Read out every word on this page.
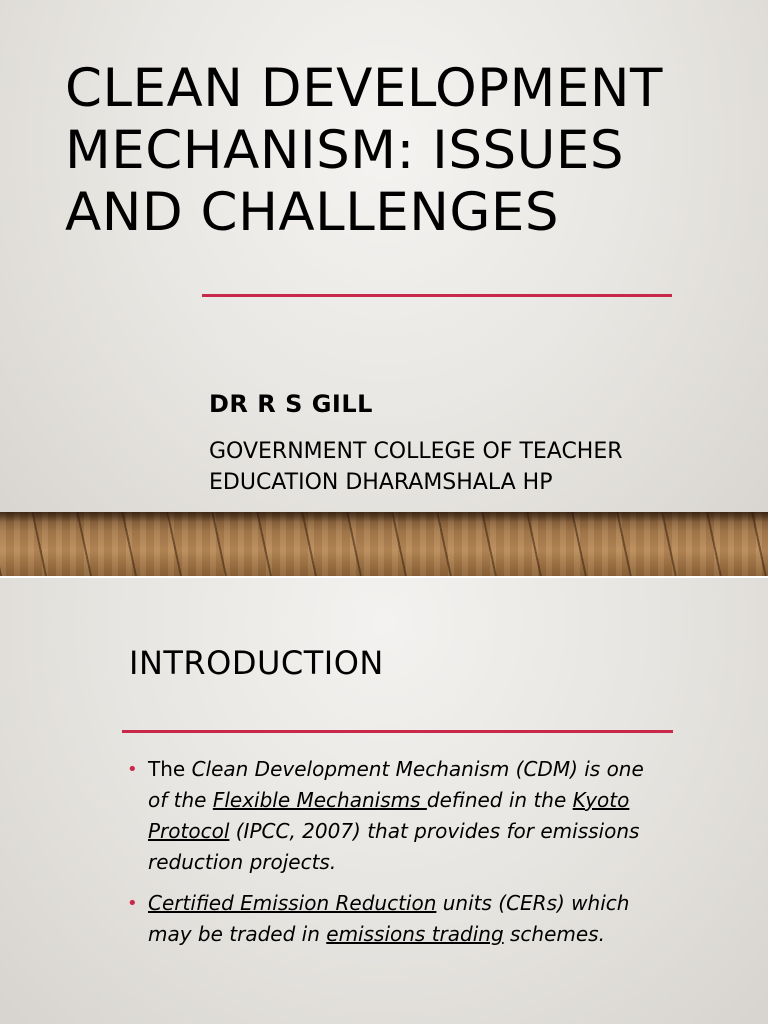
CLEAN DEVELOPMENT MECHANISM: ISSUES AND CHALLENGES
DR R S GILL
GOVERNMENT COLLEGE OF TEACHER EDUCATION DHARAMSHALA HP
INTRODUCTION
• The Clean Development Mechanism (CDM) is one of the Flexible Mechanisms defined in the Kyoto Protocol (IPCC, 2007) that provides for emissions reduction projects.
• Certified Emission Reduction units (CERs) which may be traded in emissions trading schemes.
